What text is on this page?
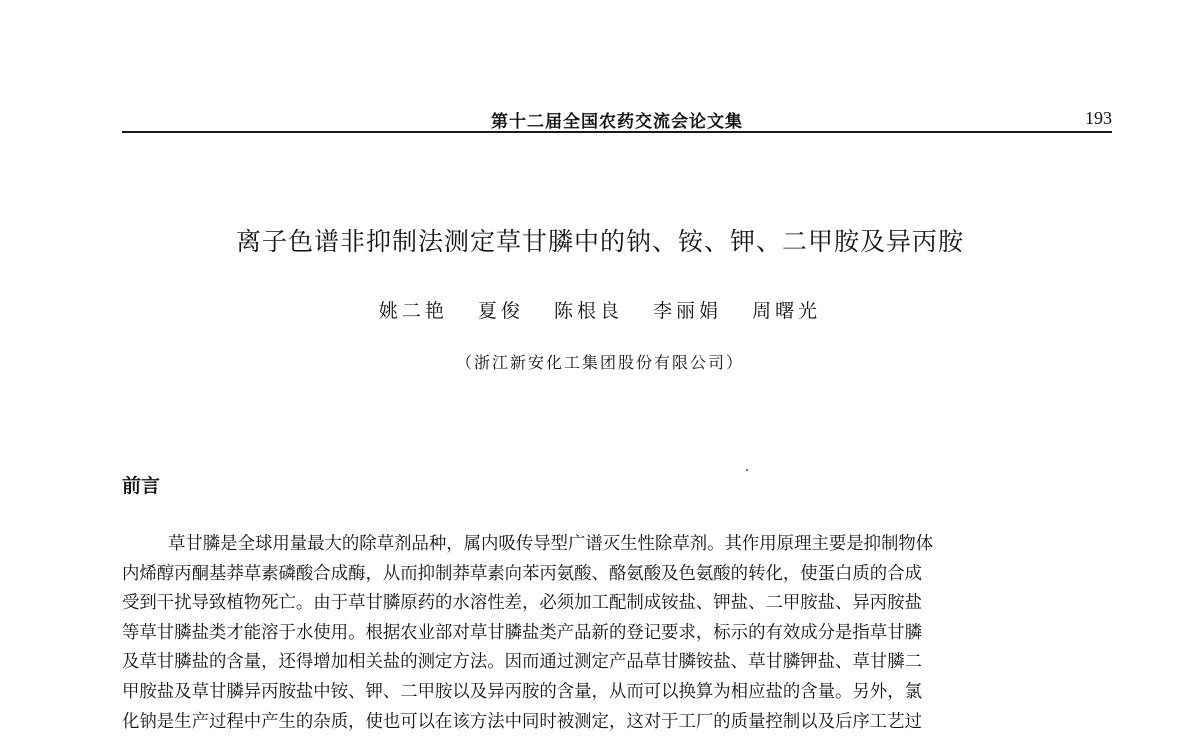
第十二届全国农药交流会论文集	193
离子色谱非抑制法测定草甘膦中的钠、铵、钾、二甲胺及异丙胺
姚二艳 夏俊 陈根良 李丽娟 周曙光
（浙江新安化工集团股份有限公司）
前言
草甘膦是全球用量最大的除草剂品种，属内吸传导型广谱灭生性除草剂。其作用原理主要是抑制物体
内烯醇丙酮基莽草素磷酸合成酶，从而抑制莽草素向苯丙氨酸、酪氨酸及色氨酸的转化，使蛋白质的合成
受到干扰导致植物死亡。由于草甘膦原药的水溶性差，必须加工配制成铵盐、钾盐、二甲胺盐、异丙胺盐
等草甘膦盐类才能溶于水使用。根据农业部对草甘膦盐类产品新的登记要求，标示的有效成分是指草甘膦
及草甘膦盐的含量，还得增加相关盐的测定方法。因而通过测定产品草甘膦铵盐、草甘膦钾盐、草甘膦二
甲胺盐及草甘膦异丙胺盐中铵、钾、二甲胺以及异丙胺的含量，从而可以换算为相应盐的含量。另外，氯
化钠是生产过程中产生的杂质，使也可以在该方法中同时被测定，这对于工厂的质量控制以及后序工艺过
